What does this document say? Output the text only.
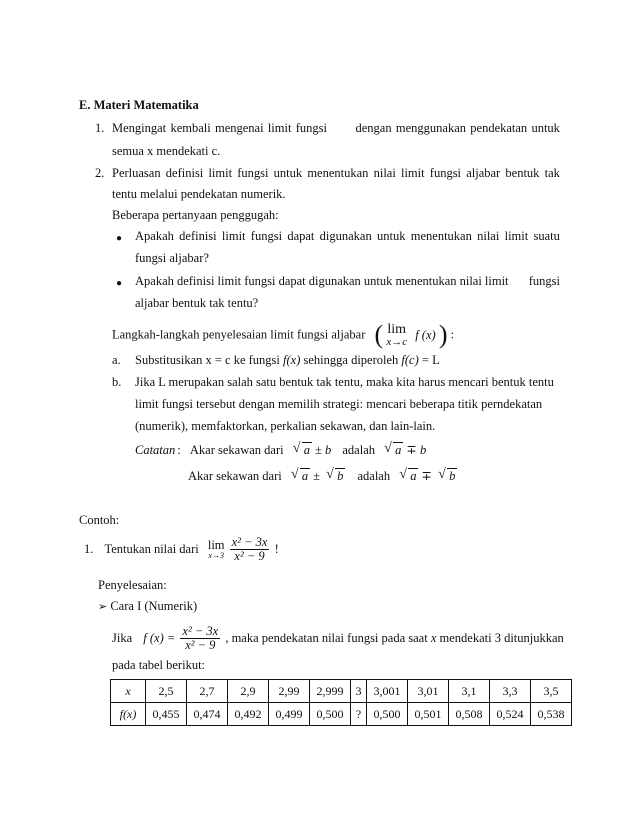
E. Materi Matematika
1. Mengingat kembali mengenai limit fungsi dengan menggunakan pendekatan untuk
semua x mendekati c.
2. Perluasan definisi limit fungsi untuk menentukan nilai limit fungsi aljabar bentuk tak
tentu melalui pendekatan numerik.
Beberapa pertanyaan penggugah:
● Apakah definisi limit fungsi dapat digunakan untuk menentukan nilai limit suatu
fungsi aljabar?
● Apakah definisi limit fungsi dapat digunakan untuk menentukan nilai limit fungsi
aljabar bentuk tak tentu?
Langkah-langkah penyelesaian limit fungsi aljabar ( lim
x→c f (x) ) :
a. Substitusikan x = c ke fungsi f(x) sehingga diperoleh f(c) = L
b. Jika L merupakan salah satu bentuk tak tentu, maka kita harus mencari bentuk tentu
limit fungsi tersebut dengan memilih strategi: mencari beberapa titik perndekatan
(numerik), memfaktorkan, perkalian sekawan, dan lain-lain.
Catatan : Akar sekawan dari √ a ± b adalah √ a ∓ b
Akar sekawan dari √ a ± √ b adalah √ a ∓ √ b
Contoh:
1. Tentukan nilai dari lim
x→3
$\frac{\text{x² − 3x}}{\text{x² − 9}}$ !
Penyelesaian:
➢ Cara I (Numerik)
Jika f $(x) = \frac{\text{x² − 3x}}{\text{x² − 9}}$ , maka pendekatan nilai fungsi pada saat x mendekati 3 ditunjukkan
pada tabel berikut:
x	2,5	2,7	2,9	2,99	2,999	3	3,001	3,01	3,1	3,3	3,5
f(x)	0,455	0,474	0,492	0,499	0,500	?	0,500	0,501	0,508	0,524	0,538
